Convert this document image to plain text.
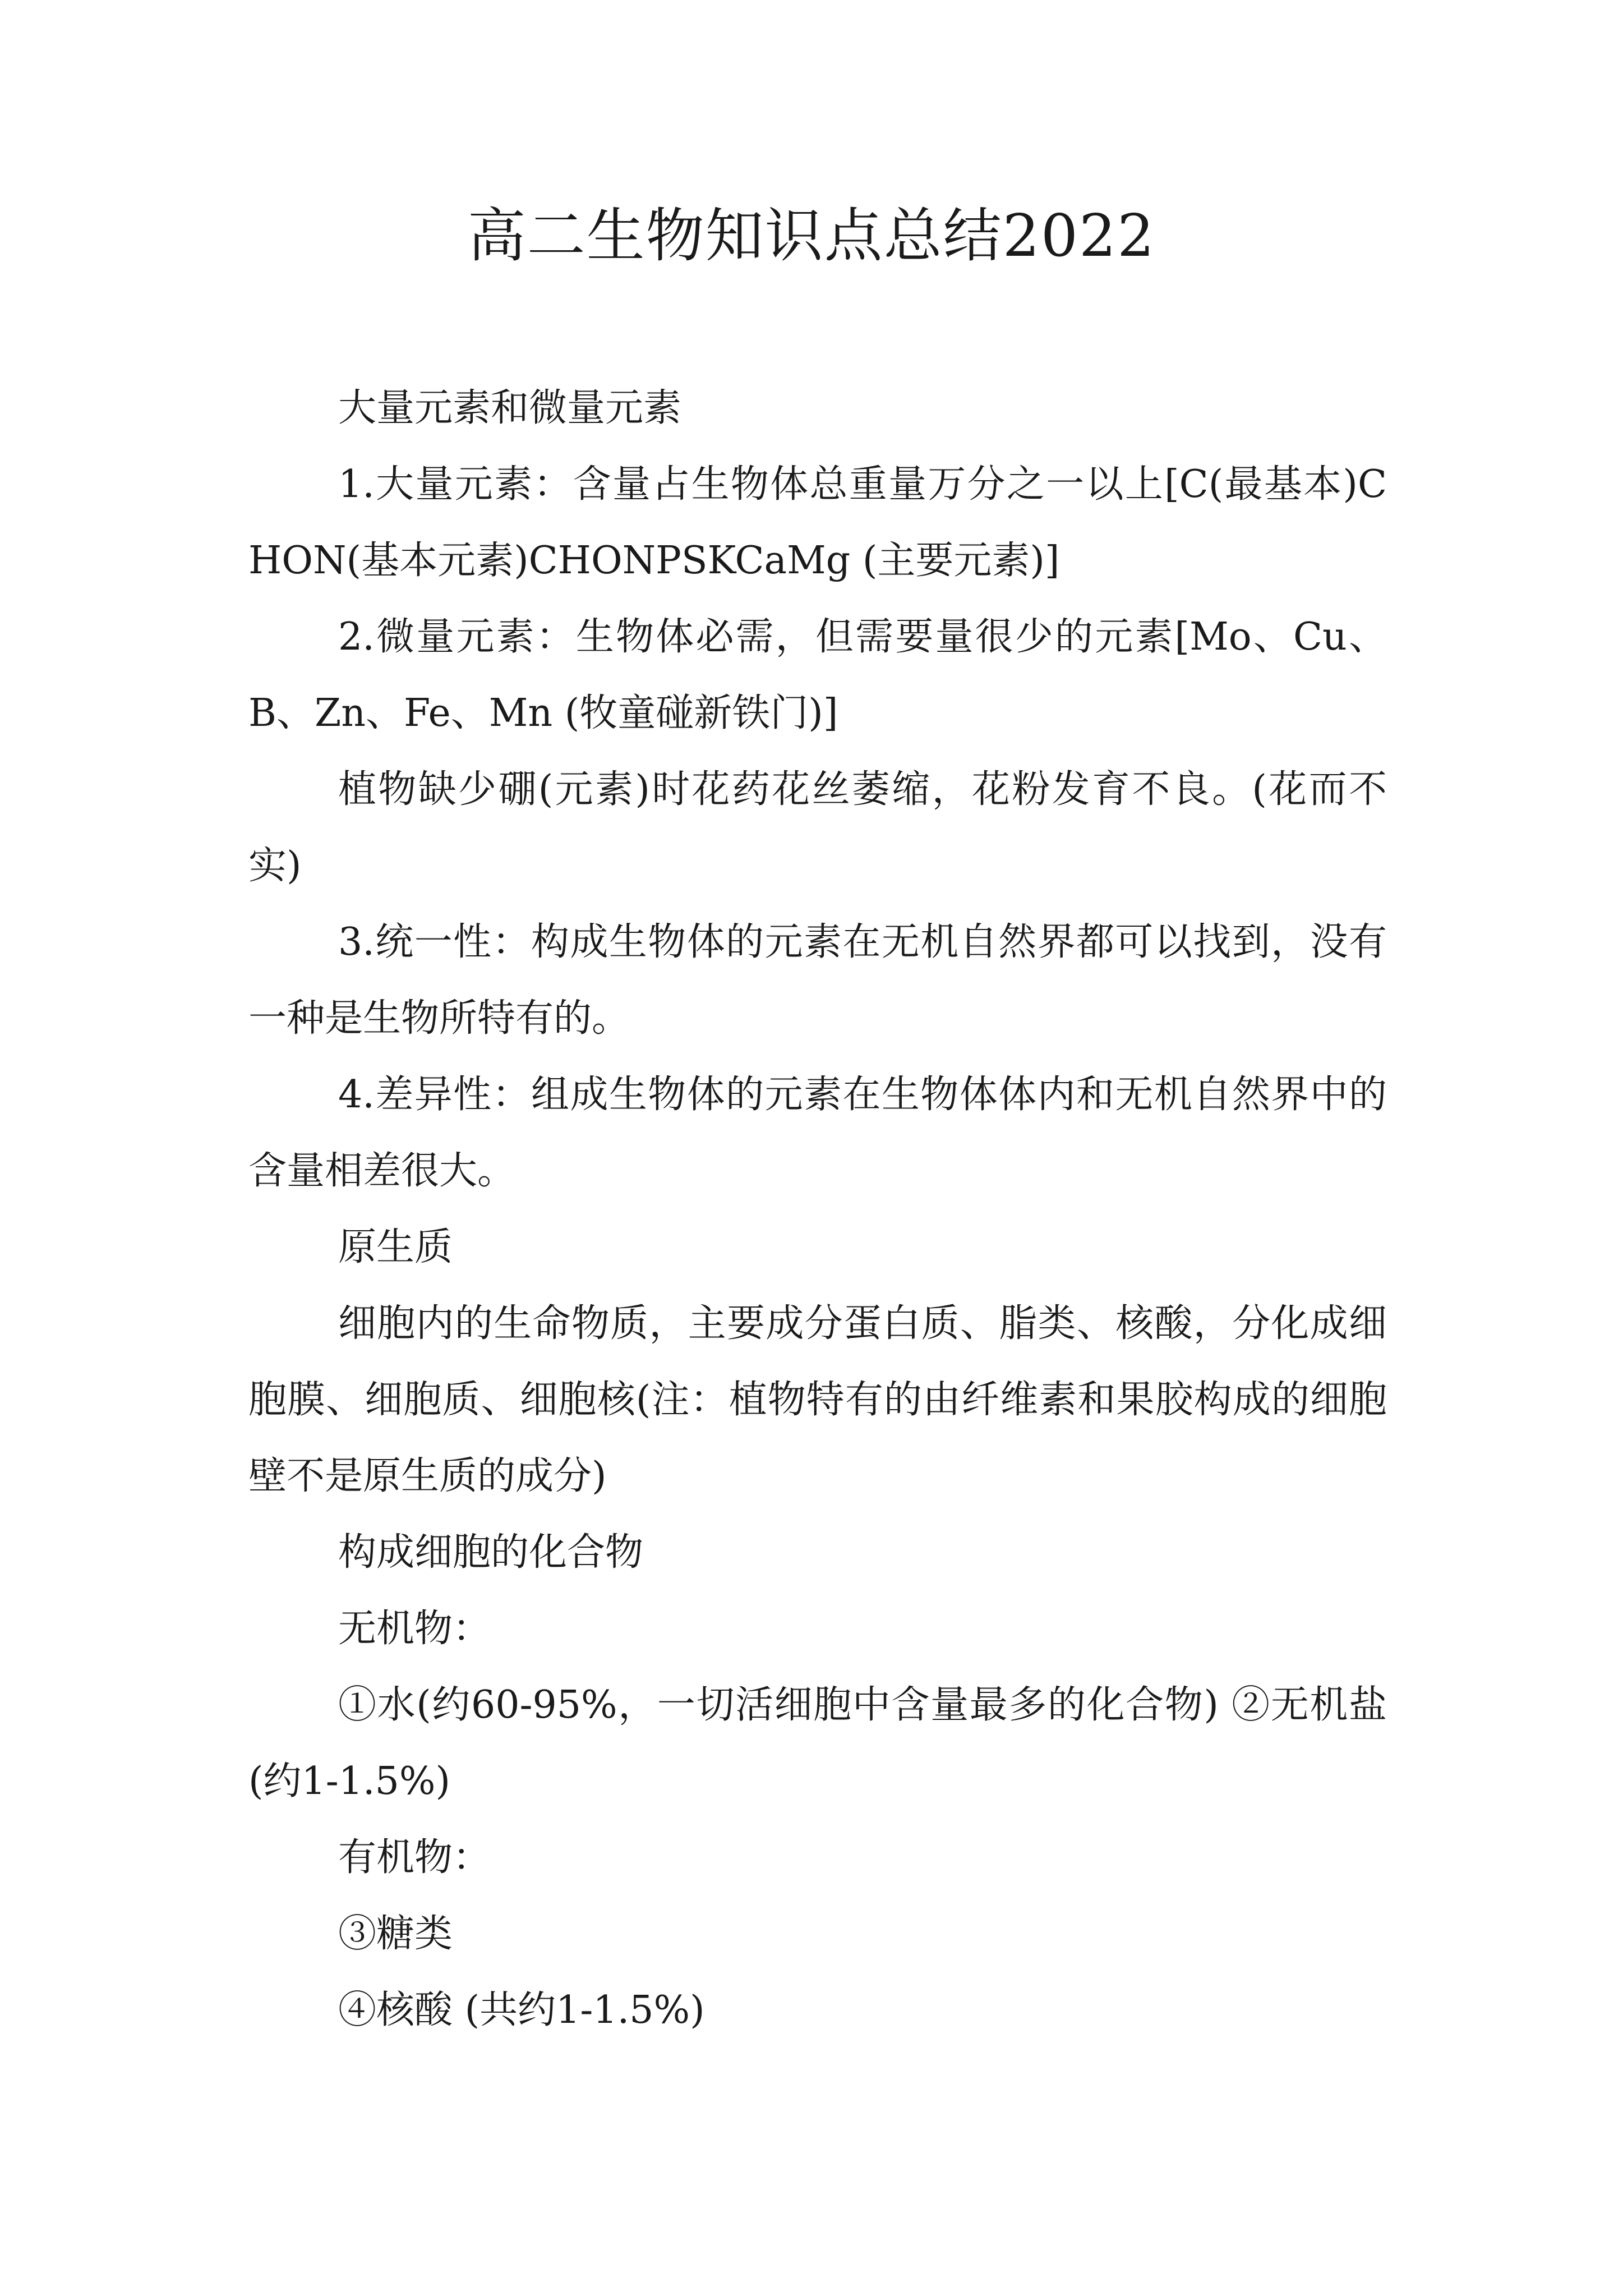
高二生物知识点总结2022

大量元素和微量元素

1.大量元素：含量占生物体总重量万分之一以上[C(最基本)CHON(基本元素)CHONPSKCaMg (主要元素)]

2.微量元素：生物体必需，但需要量很少的元素[Mo、Cu、B、Zn、Fe、Mn (牧童碰新铁门)]

植物缺少硼(元素)时花药花丝萎缩，花粉发育不良。(花而不实)

3.统一性：构成生物体的元素在无机自然界都可以找到，没有一种是生物所特有的。

4.差异性：组成生物体的元素在生物体体内和无机自然界中的含量相差很大。

原生质

细胞内的生命物质，主要成分蛋白质、脂类、核酸，分化成细胞膜、细胞质、细胞核(注：植物特有的由纤维素和果胶构成的细胞壁不是原生质的成分)

构成细胞的化合物

无机物：

①水(约60-95%，一切活细胞中含量最多的化合物) ②无机盐(约1-1.5%)

有机物：

③糖类

④核酸 (共约1-1.5%)
